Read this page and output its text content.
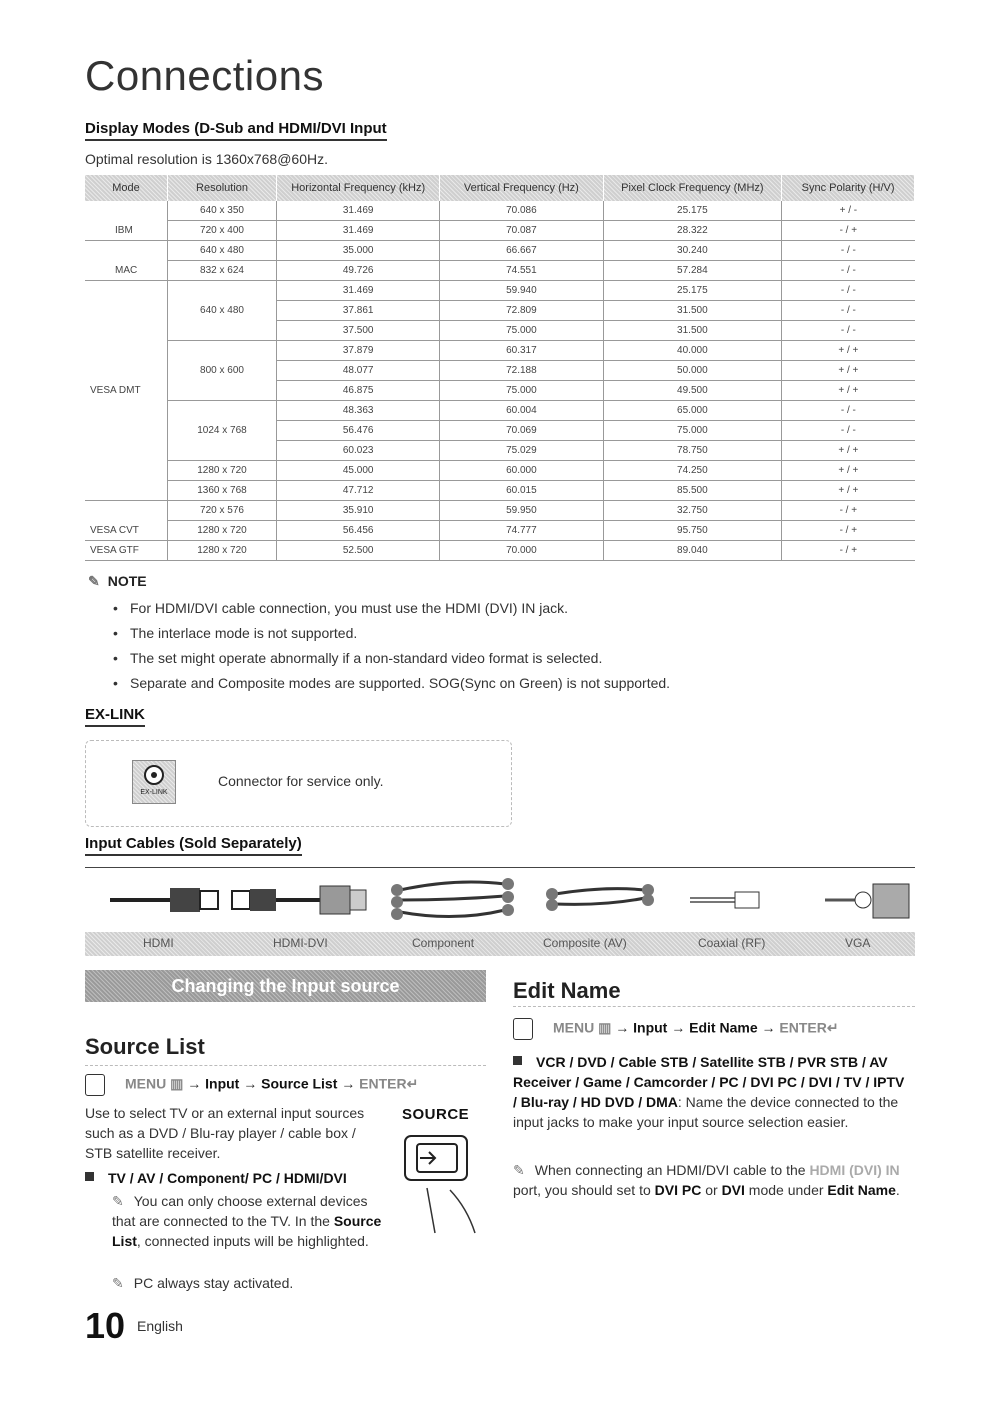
Connections
Display Modes (D-Sub and HDMI/DVI Input
Optimal resolution is 1360x768@60Hz.
Mode	Resolution	Horizontal Frequency (kHz)	Vertical Frequency (Hz)	Pixel Clock Frequency (MHz)	Sync Polarity (H/V)
	640 x 350	31.469	70.086	25.175	+ / -
IBM	720 x 400	31.469	70.087	28.322	- / +
	640 x 480	35.000	66.667	30.240	- / -
MAC	832 x 624	49.726	74.551	57.284	- / -
		31.469	59.940	25.175	- / -
	640 x 480	37.861	72.809	31.500	- / -
		37.500	75.000	31.500	- / -
		37.879	60.317	40.000	+ / +
	800 x 600	48.077	72.188	50.000	+ / +
VESA DMT		46.875	75.000	49.500	+ / +
		48.363	60.004	65.000	- / -
	1024 x 768	56.476	70.069	75.000	- / -
		60.023	75.029	78.750	+ / +
	1280 x 720	45.000	60.000	74.250	+ / +
	1360 x 768	47.712	60.015	85.500	+ / +
	720 x 576	35.910	59.950	32.750	- / +
VESA CVT	1280 x 720	56.456	74.777	95.750	- / +
VESA GTF	1280 x 720	52.500	70.000	89.040	- / +
✎ NOTE
• For HDMI/DVI cable connection, you must use the HDMI (DVI) IN jack.
• The interlace mode is not supported.
• The set might operate abnormally if a non-standard video format is selected.
• Separate and Composite modes are supported. SOG(Sync on Green) is not supported.
EX-LINK
EX-LINK
Connector for service only.
Input Cables (Sold Separately)
HDMI	HDMI-DVI	Component	Composite (AV)	Coaxial (RF)	VGA
Changing the Input source
Source List
MENU ▥ → Input → Source List → ENTER↵
Use to select TV or an external input sources such as a DVD / Blu-ray player / cable box / STB satellite receiver.
SOURCE
TV / AV / Component/ PC / HDMI/DVI
✎ You can only choose external devices that are connected to the TV. In the Source List, connected inputs will be highlighted.
✎ PC always stay activated.
Edit Name
MENU ▥ → Input → Edit Name → ENTER↵
VCR / DVD / Cable STB / Satellite STB / PVR STB / AV Receiver / Game / Camcorder / PC / DVI PC / DVI / TV / IPTV / Blu-ray / HD DVD / DMA: Name the device connected to the input jacks to make your input source selection easier.
✎ When connecting an HDMI/DVI cable to the HDMI (DVI) IN port, you should set to DVI PC or DVI mode under Edit Name.
10 English
